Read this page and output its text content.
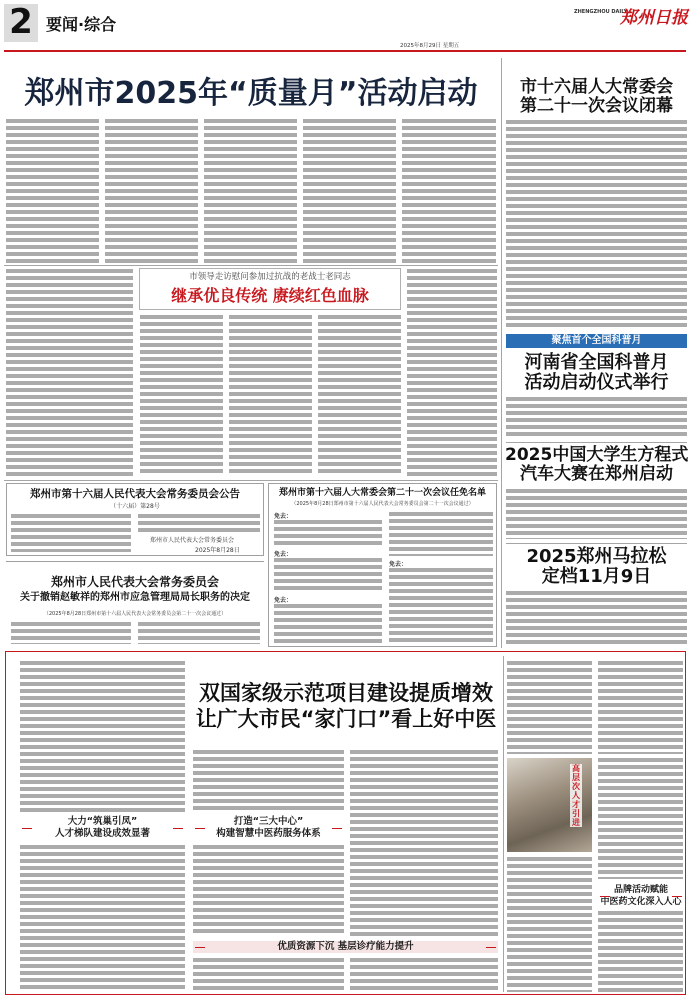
2 要闻·综合
ZHENGZHOU DAILY
郑州日报
2025年8月29日 星期五
郑州市2025年“质量月”活动启动	市十六届人大常委会
第二十一次会议闭幕
聚焦首个全国科普月
河南省全国科普月
活动启动仪式举行
2025中国大学生方程式
汽车大赛在郑州启动
2025郑州马拉松
定档11月9日
市领导走访慰问参加过抗战的老战士老同志
继承优良传统 赓续红色血脉
郑州市第十六届人民代表大会常务委员会公告
（十六届）第28号
郑州市人民代表大会常务委员会
2025年8月28日
郑州市人民代表大会常务委员会
关于撤销赵敏祥的郑州市应急管理局局长职务的决定
（2025年8月28日郑州市第十六届人民代表大会常务委员会第二十一次会议通过）
郑州市第十六届人大常委会第二十一次会议任免名单
（2025年8月28日郑州市第十六届人民代表大会常务委员会第二十一次会议通过）
免去：
免去：
免去：
免去：
大力“筑巢引凤”
人才梯队建设成效显著
双国家级示范项目建设提质增效
让广大市民“家门口”看上好中医
打造“三大中心”
构建智慧中医药服务体系
优质资源下沉 基层诊疗能力提升
高层次人才引进
品牌活动赋能
中医药文化深入人心
